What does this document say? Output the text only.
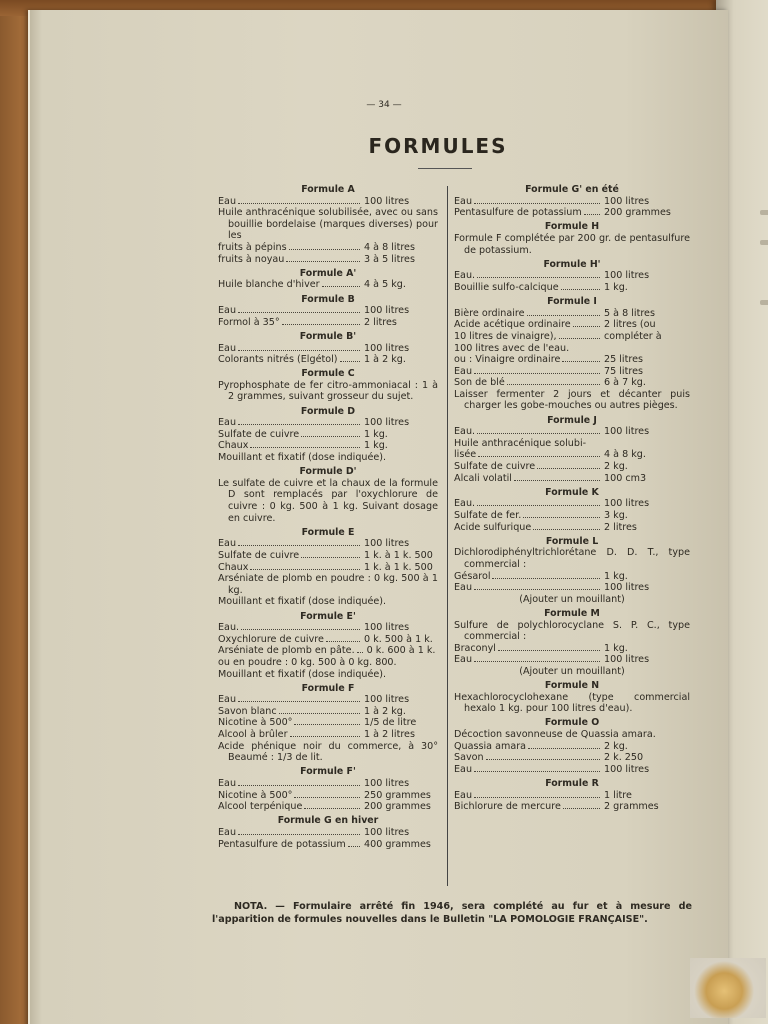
— 34 —
FORMULES
Formule A
Eau	100 litres
Huile anthracénique solubilisée, avec ou sans bouillie bordelaise (marques diverses) pour les
fruits à pépins	4 à 8 litres
fruits à noyau	3 à 5 litres
Formule A'
Huile blanche d'hiver	4 à 5 kg.
Formule B
Eau	100 litres
Formol à 35°	2 litres
Formule B'
Eau	100 litres
Colorants nitrés (Elgétol)	1 à 2 kg.
Formule C
Pyrophosphate de fer citro-ammoniacal : 1 à 2 grammes, suivant grosseur du sujet.
Formule D
Eau	100 litres
Sulfate de cuivre	1 kg.
Chaux	1 kg.
Mouillant et fixatif (dose indiquée).
Formule D'
Le sulfate de cuivre et la chaux de la formule D sont remplacés par l'oxychlorure de cuivre : 0 kg. 500 à 1 kg. Suivant dosage en cuivre.
Formule E
Eau	100 litres
Sulfate de cuivre	1 k. à 1 k. 500
Chaux	1 k. à 1 k. 500
Arséniate de plomb en poudre : 0 kg. 500 à 1 kg.
Mouillant et fixatif (dose indiquée).
Formule E'
Eau.	100 litres
Oxychlorure de cuivre	0 k. 500 à 1 k.
Arséniate de plomb en pâte. 0 k. 600 à 1 k.
ou en poudre : 0 kg. 500 à 0 kg. 800.
Mouillant et fixatif (dose indiquée).
Formule F
Eau	100 litres
Savon blanc	1 à 2 kg.
Nicotine à 500°	1/5 de litre
Alcool à brûler	1 à 2 litres
Acide phénique noir du commerce, à 30° Beaumé : 1/3 de lit.
Formule F'
Eau	100 litres
Nicotine à 500°	250 grammes
Alcool terpénique	200 grammes
Formule G en hiver
Eau	100 litres
Pentasulfure de potassium 400 grammes
Formule G' en été
Eau	100 litres
Pentasulfure de potassium 200 grammes
Formule H
Formule F complétée par 200 gr. de pentasulfure de potassium.
Formule H'
Eau.	100 litres
Bouillie sulfo-calcique	1 kg.
Formule I
Bière ordinaire	5 à 8 litres
Acide acétique ordinaire	2 litres (ou
10 litres de vinaigre),	compléter à
100 litres avec de l'eau.
ou : Vinaigre ordinaire	25 litres
Eau	75 litres
Son de blé	6 à 7 kg.
Laisser fermenter 2 jours et décanter puis charger les gobe-mouches ou autres pièges.
Formule J
Eau.	100 litres
Huile anthracénique solubi-
lisée	4 à 8 kg.
Sulfate de cuivre	2 kg.
Alcali volatil	100 cm3
Formule K
Eau.	100 litres
Sulfate de fer.	3 kg.
Acide sulfurique	2 litres
Formule L
Dichlorodiphényltrichlorétane D. D. T., type commercial :
Gésarol	1 kg.
Eau	100 litres
(Ajouter un mouillant)
Formule M
Sulfure de polychlorocyclane S. P. C., type commercial :
Braconyl	1 kg.
Eau	100 litres
(Ajouter un mouillant)
Formule N
Hexachlorocyclohexane (type commercial hexalo 1 kg. pour 100 litres d'eau).
Formule O
Décoction savonneuse de Quassia amara.
Quassia amara	2 kg.
Savon	2 k. 250
Eau	100 litres
Formule R
Eau	1 litre
Bichlorure de mercure	2 grammes
NOTA. — Formulaire arrêté fin 1946, sera complété au fur et à mesure de l'apparition de formules nouvelles dans le Bulletin "LA POMOLOGIE FRANÇAISE".
